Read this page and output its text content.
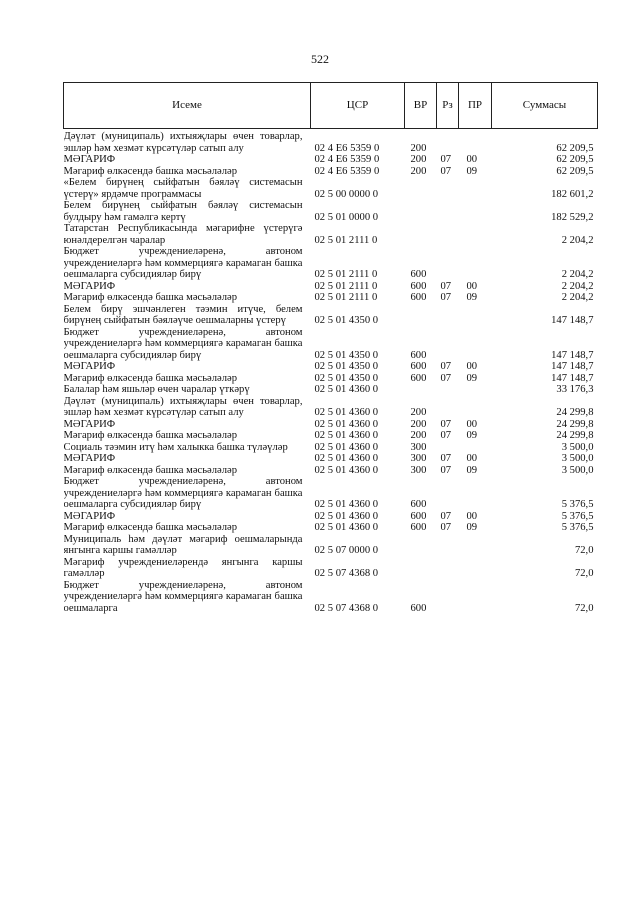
522
Исеме	ЦСР	ВР	Рз	ПР	Суммасы

Дәүләт (муниципаль) ихтыяҗлары өчен товарлар, эшләр һәм хезмәт күрсәтүләр сатып алу	02 4 Е6 5359 0	200			62 209,5
МӘГАРИФ	02 4 Е6 5359 0	200	07	00	62 209,5
Мәгариф өлкәсендә башка мәсьәләләр	02 4 Е6 5359 0	200	07	09	62 209,5
«Белем бирүнең сыйфатын бәяләү системасын үстерү» ярдәмче программасы	02 5 00 0000 0				182 601,2
Белем бирүнең сыйфатын бәяләү системасын булдыру һәм гамәлгә кертү	02 5 01 0000 0				182 529,2
Татарстан Республикасында мәгарифне үстерүгә юнәлдерелгән чаралар	02 5 01 2111 0				2 204,2
Бюджет учреждениеләренә, автоном учреждениеләргә һәм коммерциягә карамаган башка оешмаларга субсидияләр бирү	02 5 01 2111 0	600			2 204,2
МӘГАРИФ	02 5 01 2111 0	600	07	00	2 204,2
Мәгариф өлкәсендә башка мәсьәләләр	02 5 01 2111 0	600	07	09	2 204,2
Белем бирү эшчәнлеген тәэмин итүче, белем бирүнең сыйфатын бәяләүче оешмаларны үстерү	02 5 01 4350 0				147 148,7
Бюджет учреждениеләренә, автоном учреждениеләргә һәм коммерциягә карамаган башка оешмаларга субсидияләр бирү	02 5 01 4350 0	600			147 148,7
МӘГАРИФ	02 5 01 4350 0	600	07	00	147 148,7
Мәгариф өлкәсендә башка мәсьәләләр	02 5 01 4350 0	600	07	09	147 148,7
Балалар һәм яшьләр өчен чаралар үткәрү	02 5 01 4360 0				33 176,3
Дәүләт (муниципаль) ихтыяҗлары өчен товарлар, эшләр һәм хезмәт күрсәтүләр сатып алу	02 5 01 4360 0	200			24 299,8
МӘГАРИФ	02 5 01 4360 0	200	07	00	24 299,8
Мәгариф өлкәсендә башка мәсьәләләр	02 5 01 4360 0	200	07	09	24 299,8
Социаль тәэмин итү һәм халыкка башка түләүләр	02 5 01 4360 0	300			3 500,0
МӘГАРИФ	02 5 01 4360 0	300	07	00	3 500,0
Мәгариф өлкәсендә башка мәсьәләләр	02 5 01 4360 0	300	07	09	3 500,0
Бюджет учреждениеләренә, автоном учреждениеләргә һәм коммерциягә карамаган башка оешмаларга субсидияләр бирү	02 5 01 4360 0	600			5 376,5
МӘГАРИФ	02 5 01 4360 0	600	07	00	5 376,5
Мәгариф өлкәсендә башка мәсьәләләр	02 5 01 4360 0	600	07	09	5 376,5
Муниципаль һәм дәүләт мәгариф оешмаларында янгынга каршы гамәлләр	02 5 07 0000 0				72,0
Мәгариф учреждениеләрендә янгынга каршы гамәлләр	02 5 07 4368 0				72,0
Бюджет учреждениеләренә, автоном учреждениеләргә һәм коммерциягә карамаган башка оешмаларга	02 5 07 4368 0	600			72,0
